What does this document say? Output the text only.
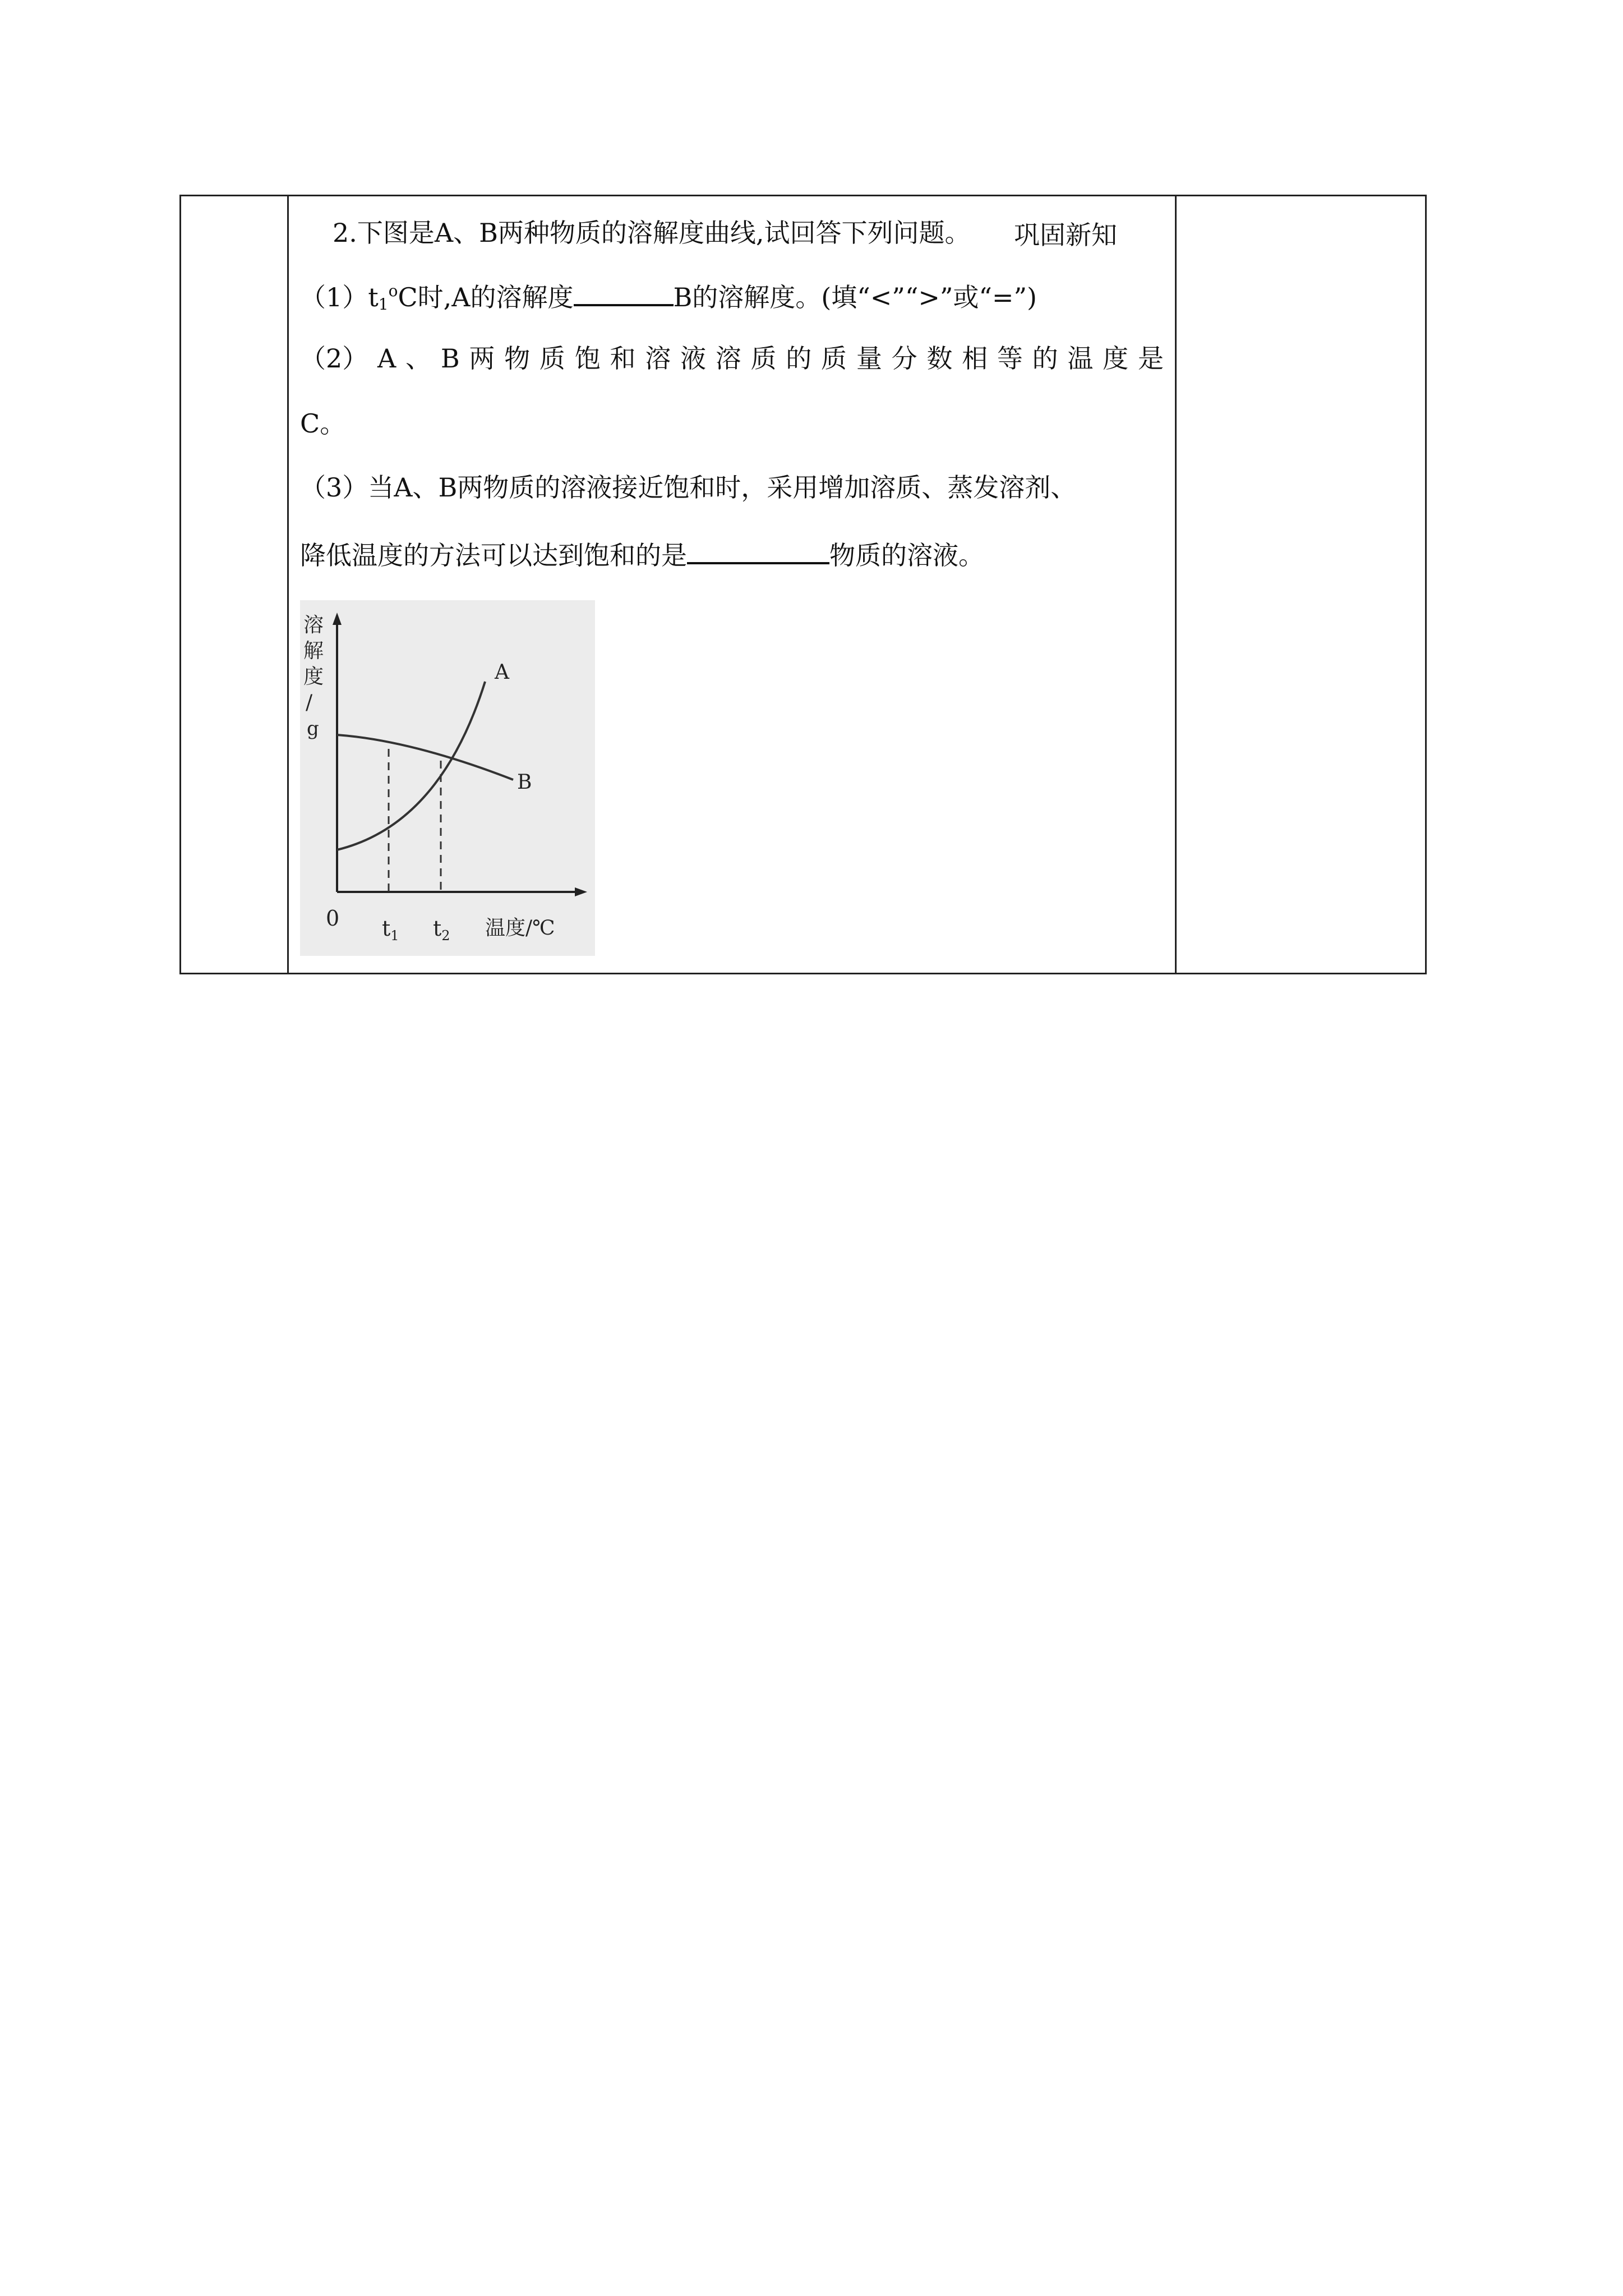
2.下图是A、B两种物质的溶解度曲线,试回答下列问题。
$(1)t_1^oC$时,A的溶解度	B的溶解度。(填“<”“>”或“=”)
（2） A 、 B 两 物 质 饱 和 溶 液 溶 质 的 质 量 分 数 相 等 的 温 度 是
C。
（3）当A、B两物质的溶液接近饱和时，采用增加溶质、蒸发溶剂、
降低温度的方法可以达到饱和的是	物质的溶液。
巩固新知
溶
解
度
/
g
A
B
0 $t_1$ $t_2$ 温度/℃
